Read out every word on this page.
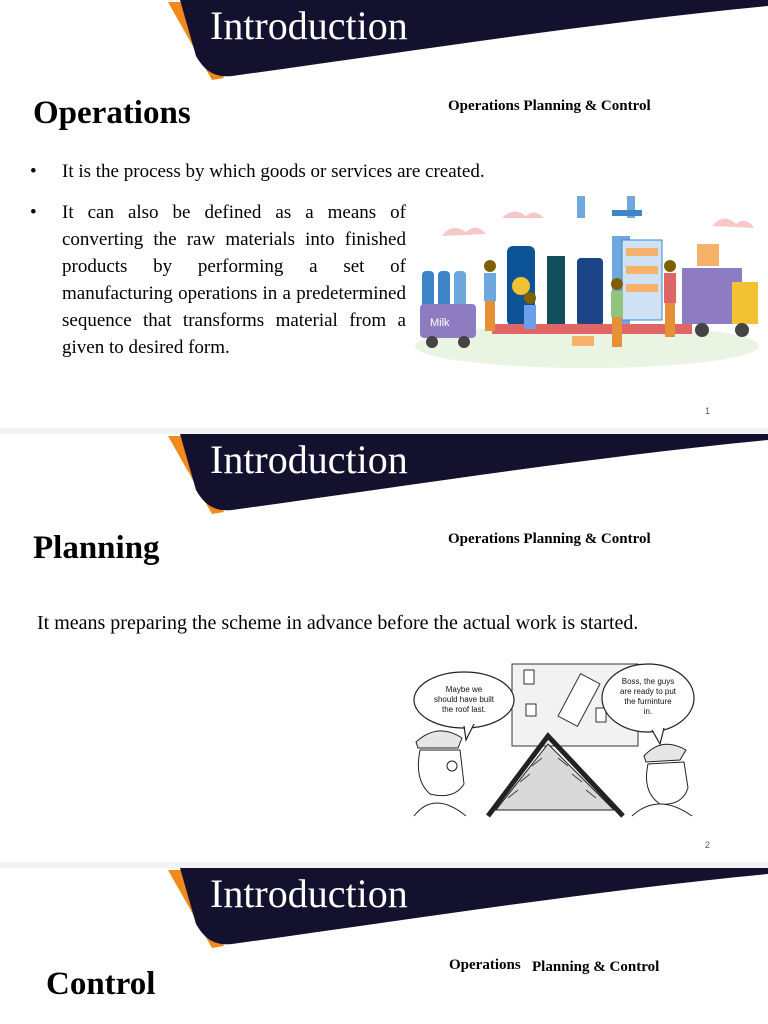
Introduction
Operations	Operations Planning & Control
• It is the process by which goods or services are created.
• It can also be defined as a means of converting the raw materials into finished products by performing a set of manufacturing operations in a predetermined sequence that transforms material from a given to desired form.
Milk
1
Introduction
Planning	Operations Planning & Control
It means preparing the scheme in advance before the actual work is started.
Maybe we
should have built
the roof last.
Boss, the guys
are ready to put
the furninture
in.
2
Introduction
Control
Operations Planning & Control
